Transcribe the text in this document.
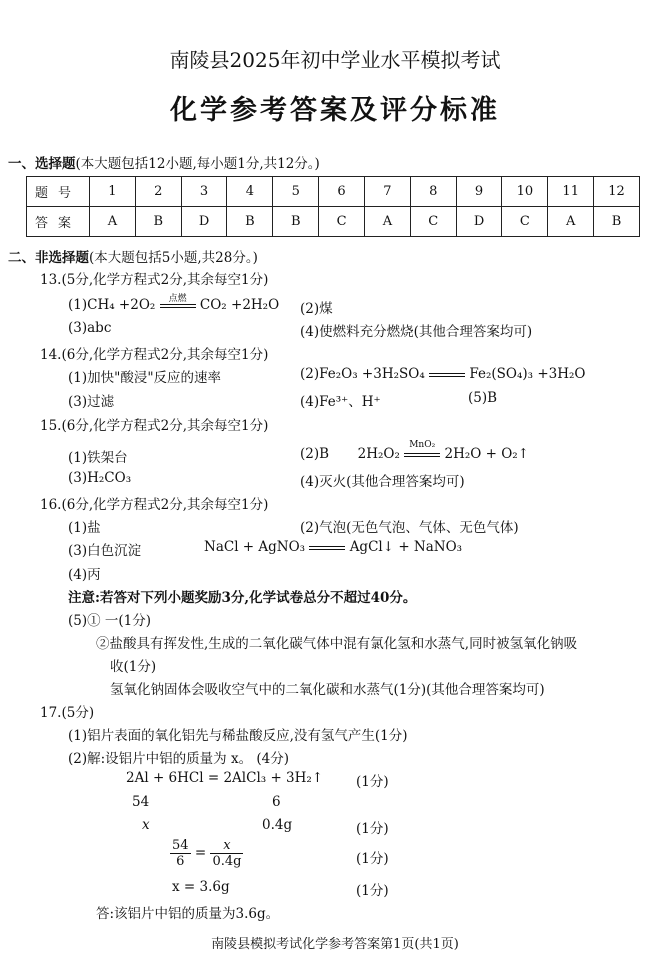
南陵县2025年初中学业水平模拟考试
化学参考答案及评分标准
一、选择题(本大题包括12小题,每小题1分,共12分。)
题号	1	2	3	4	5	6	7	8	9	10	11	12
答案	A	B	D	B	B	C	A	C	D	C	A	B
二、非选择题(本大题包括5小题,共28分。)
13.(5分,化学方程式2分,其余每空1分)
(1)CH₄ +2O₂	点燃 CO₂ +2H₂O (2)煤
(3)abc	(4)使燃料充分燃烧(其他合理答案均可)
14.(6分,化学方程式2分,其余每空1分)
(1)加快"酸浸"反应的速率	(2)Fe₂O₃ +3H₂SO₄	Fe₂(SO₄)₃ +3H₂O
(3)过滤	(4)Fe³⁺、H⁺	(5)B
15.(6分,化学方程式2分,其余每空1分)
(1)铁架台	(2)B 2H₂O₂
MnO₂
2H₂O + O₂↑
(3)H₂CO₃	(4)灭火(其他合理答案均可)
16.(6分,化学方程式2分,其余每空1分)
(1)盐	(2)气泡(无色气泡、气体、无色气体)
(3)白色沉淀	NaCl + AgNO₃	AgCl↓ + NaNO₃
(4)丙
注意:若答对下列小题奖励3分,化学试卷总分不超过40分。
(5)① 一(1分)
②盐酸具有挥发性,生成的二氧化碳气体中混有氯化氢和水蒸气,同时被氢氧化钠吸
收(1分)
氢氧化钠固体会吸收空气中的二氧化碳和水蒸气(1分)(其他合理答案均可)
17.(5分)
(1)铝片表面的氧化铝先与稀盐酸反应,没有氢气产生(1分)
(2)解:设铝片中铝的质量为 x。 (4分)
2Al + 6HCl = 2AlCl₃ + 3H₂↑ (1分)
54	6
x	0.4g	(1分)
$\frac{54}{6} = \frac{x}{0.4g}$	(1分)
x = 3.6g	(1分)
答:该铝片中铝的质量为3.6g。
南陵县模拟考试化学参考答案第1页(共1页)
